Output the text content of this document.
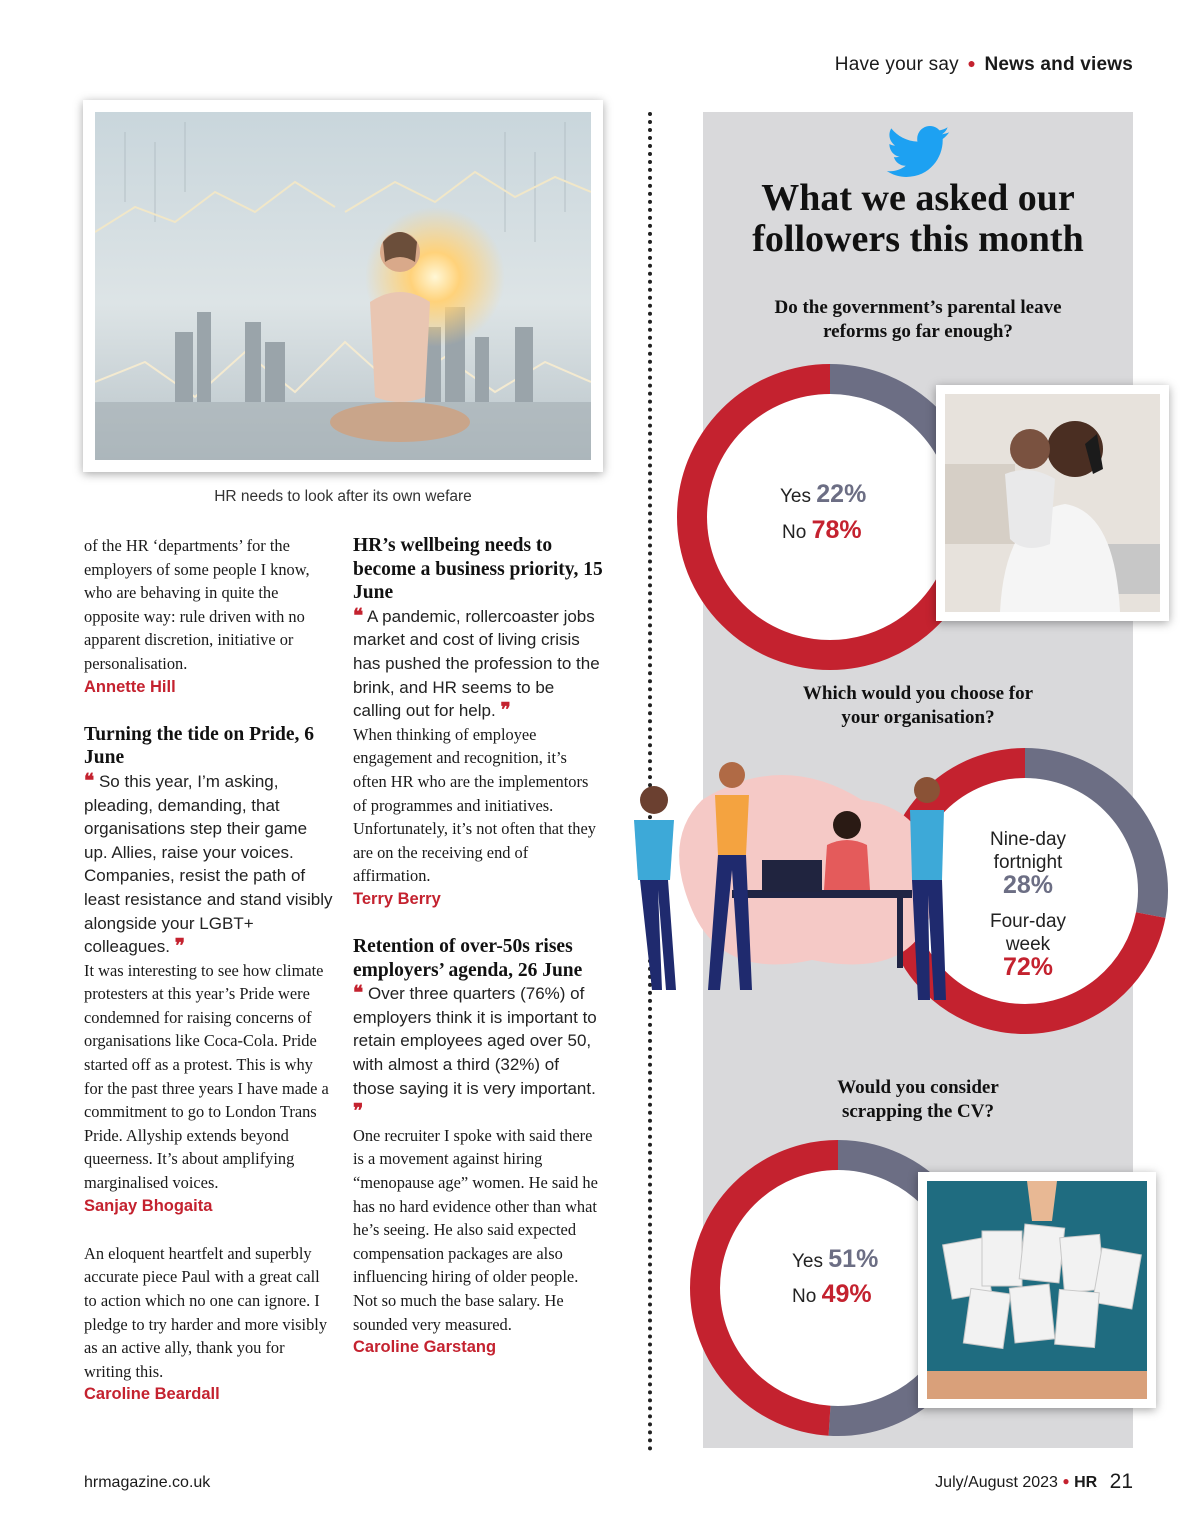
Have your say ● News and views
HR needs to look after its own wefare

of the HR ‘departments’ for the employers of some people I know, who are behaving in quite the opposite way: rule driven with no apparent discretion, initiative or personalisation.

Annette Hill

Turning the tide on Pride, 6 June

❝ So this year, I’m asking, pleading, demanding, that organisations step their game up. Allies, raise your voices. Companies, resist the path of least resistance and stand visibly alongside your LGBT+ colleagues. ❞

It was interesting to see how climate protesters at this year’s Pride were condemned for raising concerns of organisations like Coca-Cola. Pride started off as a protest. This is why for the past three years I have made a commitment to go to London Trans Pride. Allyship extends beyond queerness. It’s about amplifying marginalised voices.

Sanjay Bhogaita

An eloquent heartfelt and superbly accurate piece Paul with a great call to action which no one can ignore. I pledge to try harder and more visibly as an active ally, thank you for writing this.

Caroline Beardall

HR’s wellbeing needs to become a business priority, 15 June

❝ A pandemic, rollercoaster jobs market and cost of living crisis has pushed the profession to the brink, and HR seems to be calling out for help. ❞

When thinking of employee engagement and recognition, it’s often HR who are the implementors of programmes and initiatives. Unfortunately, it’s not often that they are on the receiving end of affirmation.

Terry Berry

Retention of over-50s rises employers’ agenda, 26 June

❝ Over three quarters (76%) of employers think it is important to retain employees aged over 50, with almost a third (32%) of those saying it is very important. ❞

One recruiter I spoke with said there is a movement against hiring “menopause age” women. He said he has no hard evidence other than what he’s seeing. He also said expected compensation packages are also influencing hiring of older people. Not so much the base salary. He sounded very measured.

Caroline Garstang

What we asked our followers this month
Do the government’s parental leave reforms go far enough?
Yes 22%
No 78%
Which would you choose for your organisation?
Nine-day fortnight
28%
Four-day week
72%
Would you consider scrapping the CV?
Yes 51%
No 49%
hrmagazine.co.uk	July/August 2023 ● HR 21
